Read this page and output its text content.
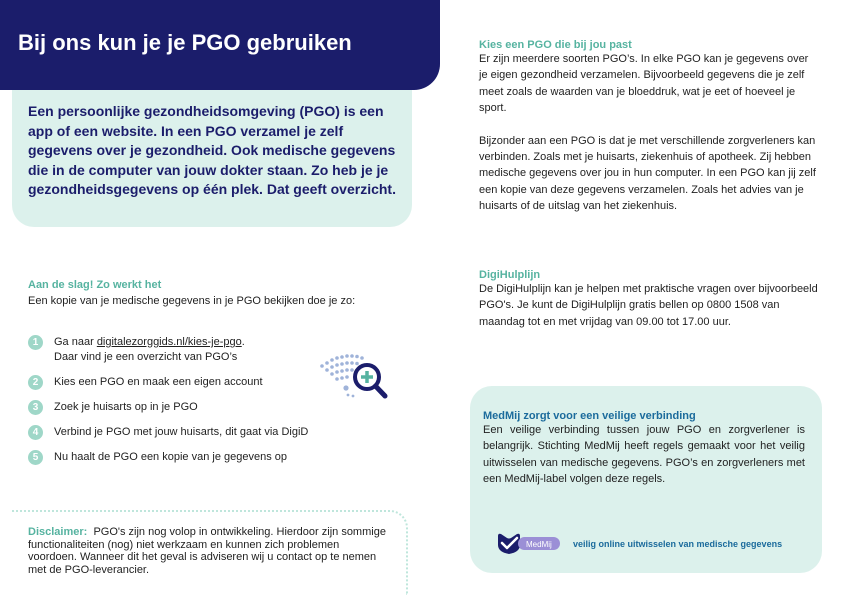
Bij ons kun je je PGO gebruiken

Een persoonlijke gezondheidsomgeving (PGO) is een app of een website. In een PGO verzamel je zelf gegevens over je gezondheid. Ook medische gegevens die in de computer van jouw dokter staan. Zo heb je je gezondheidsgegevens op één plek. Dat geeft overzicht.

Aan de slag! Zo werkt het

Een kopie van je medische gegevens in je PGO bekijken doe je zo:

1	Ga naar digitalezorggids.nl/kies-je-pgo.
Daar vind je een overzicht van PGO’s
2	Kies een PGO en maak een eigen account
3	Zoek je huisarts op in je PGO
4	Verbind je PGO met jouw huisarts, dit gaat via DigiD
5	Nu haalt de PGO een kopie van je gegevens op

Disclaimer: PGO's zijn nog volop in ontwikkeling. Hierdoor zijn sommige functionaliteiten (nog) niet werkzaam en kunnen zich problemen voordoen. Wanneer dit het geval is adviseren wij u contact op te nemen met de PGO-leverancier.

Kies een PGO die bij jou past

Er zijn meerdere soorten PGO’s. In elke PGO kan je gegevens over je eigen gezondheid verzamelen. Bijvoorbeeld gegevens die je zelf meet zoals de waarden van je bloeddruk, wat je eet of hoeveel je sport.

Bijzonder aan een PGO is dat je met verschillende zorgverleners kan verbinden. Zoals met je huisarts, ziekenhuis of apotheek. Zij hebben medische gegevens over jou in hun computer. In een PGO kan jij zelf een kopie van deze gegevens verzamelen. Zoals het advies van je huisarts of de uitslag van het ziekenhuis.

DigiHulplijn

De DigiHulplijn kan je helpen met praktische vragen over bijvoorbeeld PGO's. Je kunt de DigiHulplijn gratis bellen op 0800 1508 van maandag tot en met vrijdag van 09.00 tot 17.00 uur.

MedMij zorgt voor een veilige verbinding

Een veilige verbinding tussen jouw PGO en zorgverlener is belangrijk. Stichting MedMij heeft regels gemaakt voor het veilig uitwisselen van medische gegevens. PGO’s en zorgverleners met een MedMij-label volgen deze regels.

MedMij veilig online uitwisselen van medische gegevens
